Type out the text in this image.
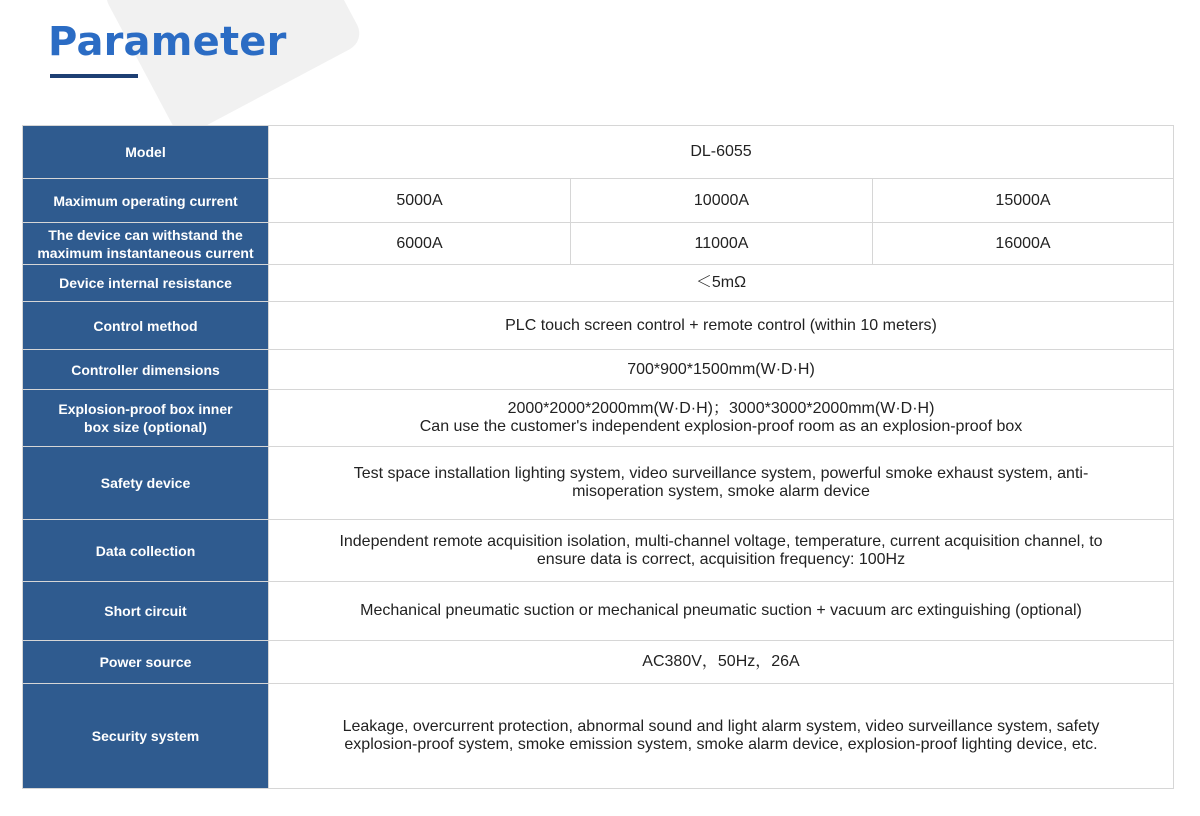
Parameter
Model	DL-6055		

Maximum operating current	5000A	10000A	15000A

The device can withstand the
maximum instantaneous current	6000A	11000A	16000A

Device internal resistance	＜5mΩ		

Control method	PLC touch screen control + remote control (within 10 meters)		

Controller dimensions	700*900*1500mm(W·D·H)		

Explosion-proof box inner
box size (optional)	2000*2000*2000mm(W·D·H)；3000*3000*2000mm(W·D·H)
Can use the customer's independent explosion-proof room as an explosion-proof box		

Safety device	Test space installation lighting system, video surveillance system, powerful smoke exhaust system, anti-
misoperation system, smoke alarm device		

Data collection	Independent remote acquisition isolation, multi-channel voltage, temperature, current acquisition channel, to
ensure data is correct, acquisition frequency: 100Hz		

Short circuit	Mechanical pneumatic suction or mechanical pneumatic suction + vacuum arc extinguishing (optional)		

Power source	AC380V，50Hz，26A		

Security system	Leakage, overcurrent protection, abnormal sound and light alarm system, video surveillance system, safety
explosion-proof system, smoke emission system, smoke alarm device, explosion-proof lighting device, etc.		
